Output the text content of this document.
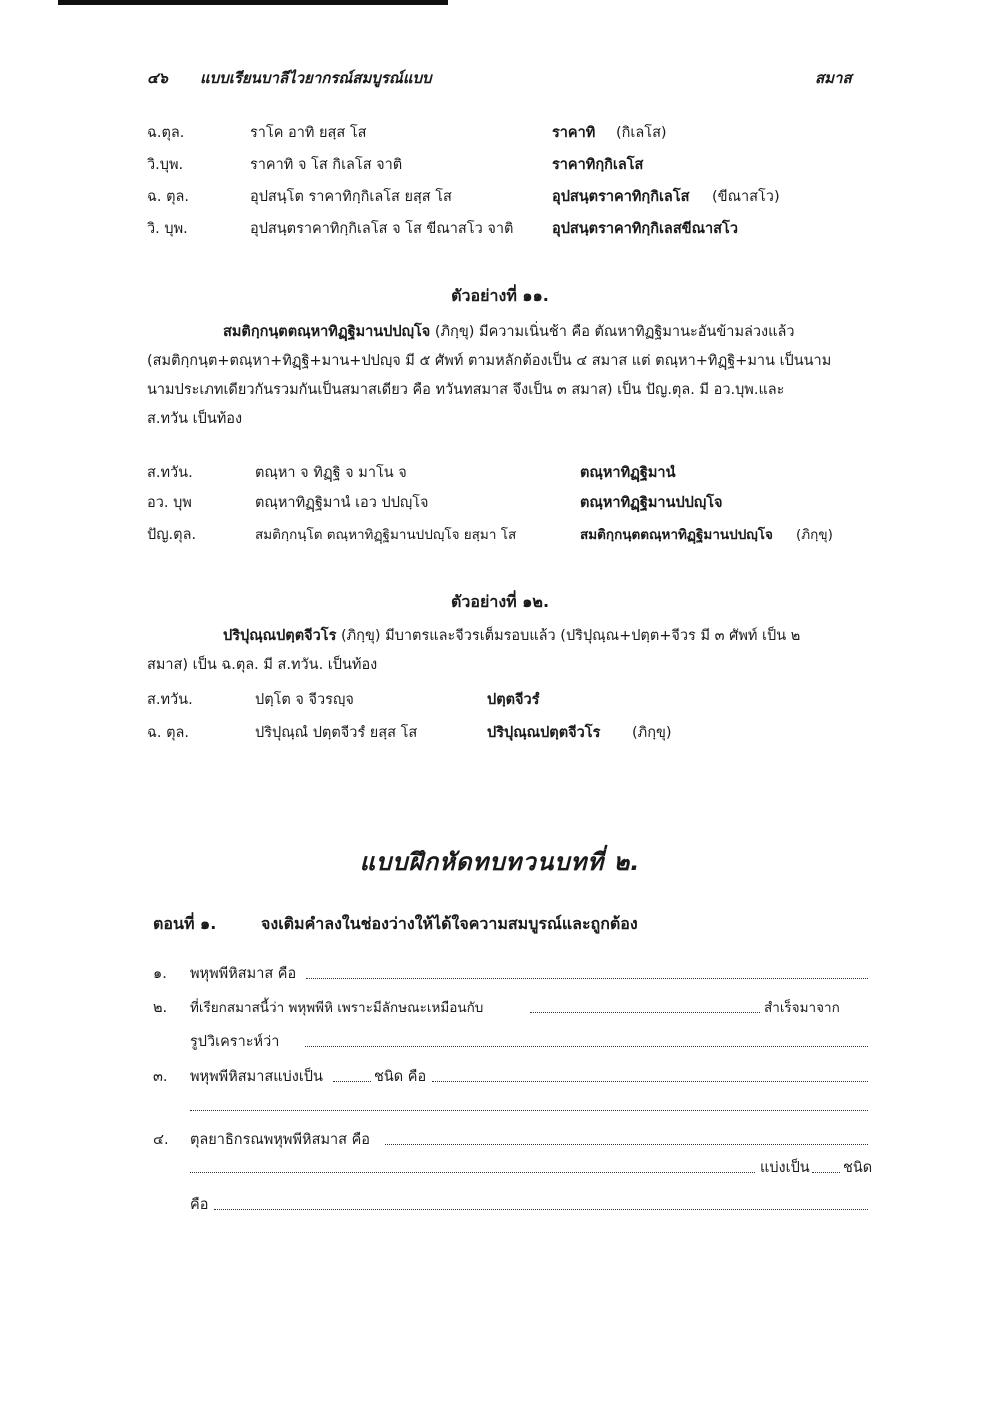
๔๖ แบบเรียนบาลีไวยากรณ์สมบูรณ์แบบ	สมาส
ฉ.ตุล.	ราโค อาทิ ยสฺส โส	ราคาทิ (กิเลโส)
วิ.บุพ.	ราคาทิ จ โส กิเลโส จาติ	ราคาทิกฺกิเลโส
ฉ. ตุล.	อุปสนฺโต ราคาทิกฺกิเลโส ยสฺส โส	อุปสนฺตราคาทิกฺกิเลโส (ขีณาสโว)
วิ. บุพ.	อุปสนฺตราคาทิกฺกิเลโส จ โส ขีณาสโว จาติ	อุปสนฺตราคาทิกฺกิเลสขีณาสโว
ตัวอย่างที่ ๑๑.

สมติกฺกนฺตตณฺหาทิฏฺฐิมานปปญฺโจ (ภิกฺขุ) มีความเนิ่นช้า คือ ตัณหาทิฏฐิมานะอันข้ามล่วงแล้ว

(สมติกฺกนฺต+ตณฺหา+ทิฏฺฐิ+มาน+ปปญฺจ มี ๕ ศัพท์ ตามหลักต้องเป็น ๔ สมาส แต่ ตณฺหา+ทิฏฺฐิ+มาน เป็นนาม

นามประเภทเดียวกันรวมกันเป็นสมาสเดียว คือ ทวันทสมาส จึงเป็น ๓ สมาส) เป็น ปัญ.ตุล. มี อว.บุพ.และ

ส.ทวัน เป็นท้อง

ส.ทวัน.	ตณฺหา จ ทิฏฺฐิ จ มาโน จ	ตณฺหาทิฏฺฐิมานํ
อว. บุพ	ตณฺหาทิฏฺฐิมานํ เอว ปปญฺโจ	ตณฺหาทิฏฺฐิมานปปญฺโจ
ปัญ.ตุล.	สมติกฺกนฺโต ตณฺหาทิฏฺฐิมานปปญฺโจ ยสฺมา โส	สมติกฺกนฺตตณฺหาทิฏฺฐิมานปปญฺโจ (ภิกฺขุ)
ตัวอย่างที่ ๑๒.

ปริปุณฺณปตฺตจีวโร (ภิกฺขุ) มีบาตรและจีวรเต็มรอบแล้ว (ปริปุณฺณ+ปตฺต+จีวร มี ๓ ศัพท์ เป็น ๒

สมาส) เป็น ฉ.ตุล. มี ส.ทวัน. เป็นท้อง

ส.ทวัน.	ปตฺโต จ จีวรญฺจ	ปตฺตจีวรํ
ฉ. ตุล.	ปริปุณฺณํ ปตฺตจีวรํ ยสฺส โส	ปริปุณฺณปตฺตจีวโร (ภิกฺขุ)
แบบฝึกหัดทบทวนบทที่ ๒.
ตอนที่ ๑.	จงเติมคำลงในช่องว่างให้ได้ใจความสมบูรณ์และถูกต้อง
๑. พหุพพีหิสมาส คือ
๒. ที่เรียกสมาสนี้ว่า พหุพพีหิ เพราะมีลักษณะเหมือนกับ	สำเร็จมาจาก
รูปวิเคราะห์ว่า
๓. พหุพพีหิสมาสแบ่งเป็น	ชนิด คือ
๔. ตุลยาธิกรณพหุพพีหิสมาส คือ
แบ่งเป็น ชนิด
คือ
